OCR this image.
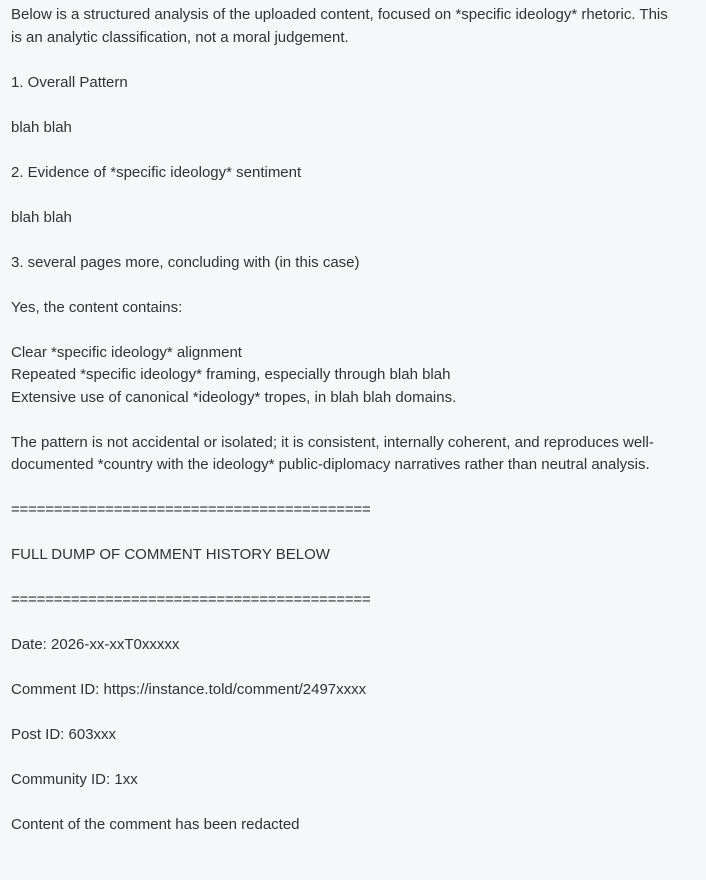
Below is a structured analysis of the uploaded content, focused on *specific ideology* rhetoric. This
is an analytic classification, not a moral judgement.

1. Overall Pattern

blah blah

2. Evidence of *specific ideology* sentiment

blah blah

3. several pages more, concluding with (in this case)

Yes, the content contains:

Clear *specific ideology* alignment
Repeated *specific ideology* framing, especially through blah blah
Extensive use of canonical *ideology* tropes, in blah blah domains.

The pattern is not accidental or isolated; it is consistent, internally coherent, and reproduces well-documented *country with the ideology* public-diplomacy narratives rather than neutral analysis.

==========================================

FULL DUMP OF COMMENT HISTORY BELOW

==========================================

Date: 2026-xx-xxT0xxxxx

Comment ID: https://instance.told/comment/2497xxxx

Post ID: 603xxx

Community ID: 1xx

Content of the comment has been redacted
